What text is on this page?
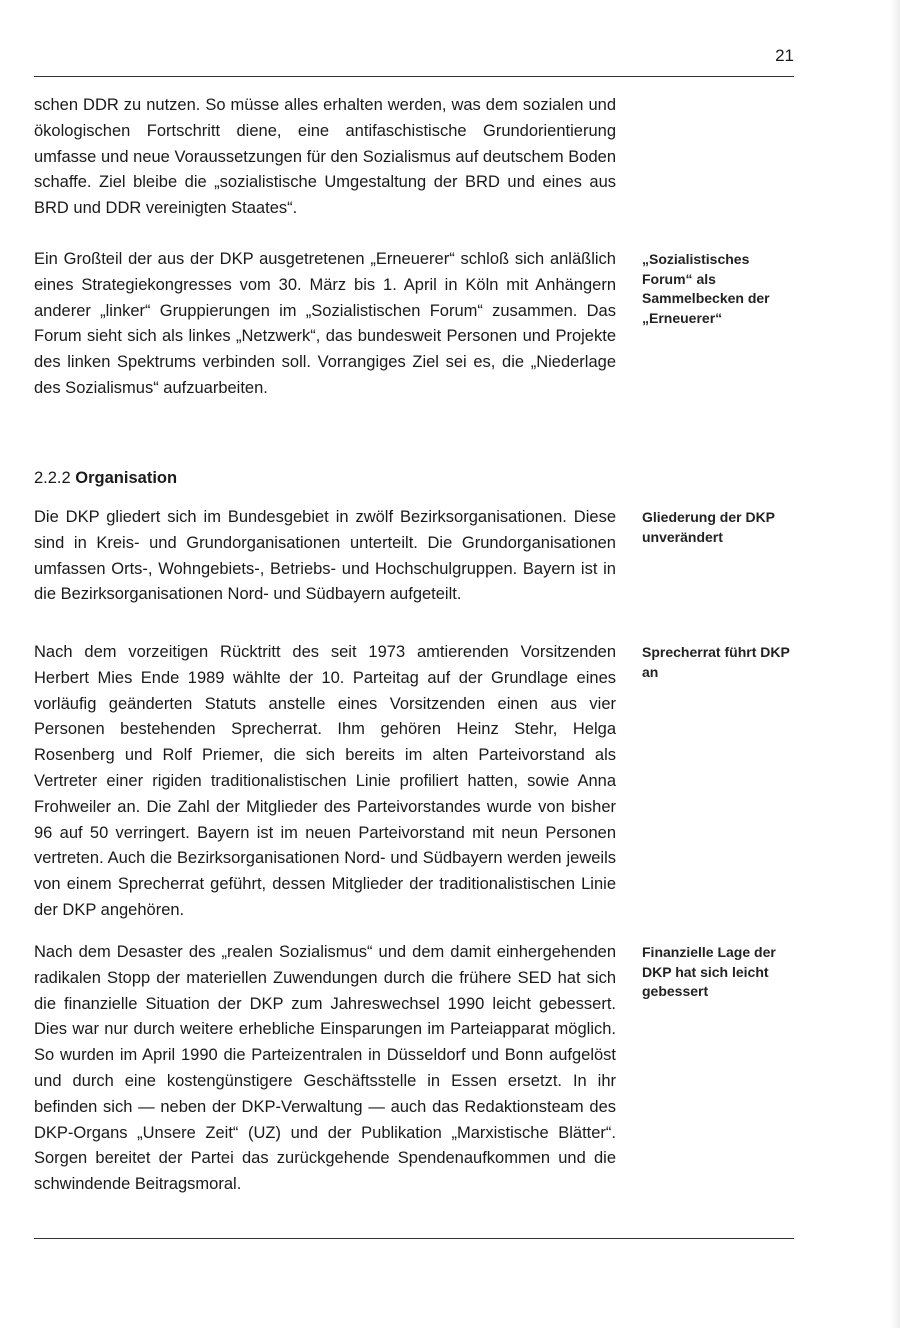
21

schen DDR zu nutzen. So müsse alles erhalten werden, was dem sozialen und ökologischen Fortschritt diene, eine antifaschistische Grundorientierung umfasse und neue Voraussetzungen für den Sozialismus auf deutschem Boden schaffe. Ziel bleibe die „sozialistische Umgestaltung der BRD und eines aus BRD und DDR vereinigten Staates“.

Ein Großteil der aus der DKP ausgetretenen „Erneuerer“ schloß sich anläßlich eines Strategiekongresses vom 30. März bis 1. April in Köln mit Anhängern anderer „linker“ Gruppierungen im „Sozialistischen Forum“ zusammen. Das Forum sieht sich als linkes „Netzwerk“, das bundesweit Personen und Projekte des linken Spektrums verbinden soll. Vorrangiges Ziel sei es, die „Niederlage des Sozialismus“ aufzuarbeiten.

„Sozialistisches Forum“ als Sammelbecken der „Erneuerer“

2.2.2 Organisation

Die DKP gliedert sich im Bundesgebiet in zwölf Bezirksorganisationen. Diese sind in Kreis- und Grundorganisationen unterteilt. Die Grundorganisationen umfassen Orts-, Wohngebiets-, Betriebs- und Hochschulgruppen. Bayern ist in die Bezirksorganisationen Nord- und Südbayern aufgeteilt.

Gliederung der DKP unverändert

Nach dem vorzeitigen Rücktritt des seit 1973 amtierenden Vorsitzenden Herbert Mies Ende 1989 wählte der 10. Parteitag auf der Grundlage eines vorläufig geänderten Statuts anstelle eines Vorsitzenden einen aus vier Personen bestehenden Sprecherrat. Ihm gehören Heinz Stehr, Helga Rosenberg und Rolf Priemer, die sich bereits im alten Parteivorstand als Vertreter einer rigiden traditionalistischen Linie profiliert hatten, sowie Anna Frohweiler an. Die Zahl der Mitglieder des Parteivorstandes wurde von bisher 96 auf 50 verringert. Bayern ist im neuen Parteivorstand mit neun Personen vertreten. Auch die Bezirksorganisationen Nord- und Südbayern werden jeweils von einem Sprecherrat geführt, dessen Mitglieder der traditionalistischen Linie der DKP angehören.

Sprecherrat führt DKP an

Nach dem Desaster des „realen Sozialismus“ und dem damit einhergehenden radikalen Stopp der materiellen Zuwendungen durch die frühere SED hat sich die finanzielle Situation der DKP zum Jahreswechsel 1990 leicht gebessert. Dies war nur durch weitere erhebliche Einsparungen im Parteiapparat möglich. So wurden im April 1990 die Parteizentralen in Düsseldorf und Bonn aufgelöst und durch eine kostengünstigere Geschäftsstelle in Essen ersetzt. In ihr befinden sich — neben der DKP-Verwaltung — auch das Redaktionsteam des DKP-Organs „Unsere Zeit“ (UZ) und der Publikation „Marxistische Blätter“. Sorgen bereitet der Partei das zurückgehende Spendenaufkommen und die schwindende Beitragsmoral.

Finanzielle Lage der DKP hat sich leicht gebessert
